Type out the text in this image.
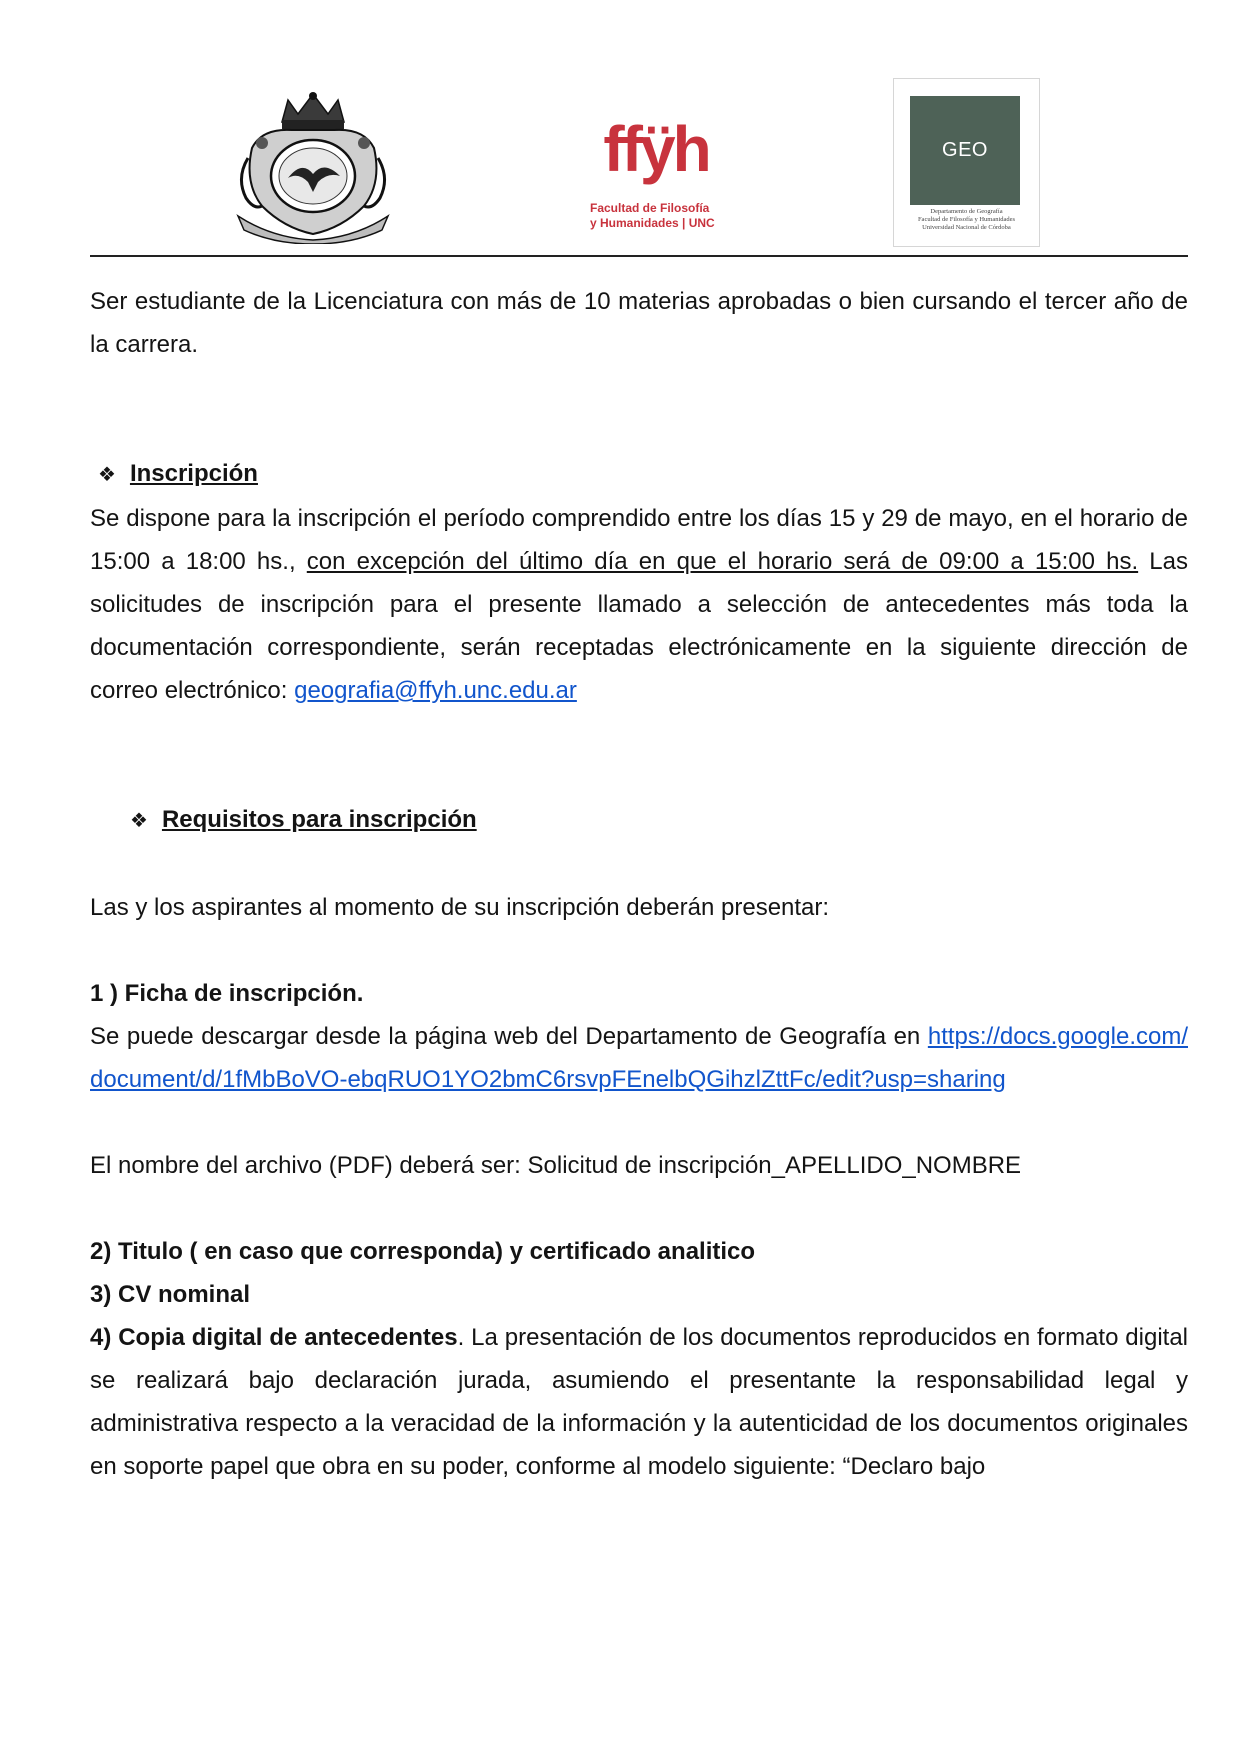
ffÿh
Facultad de Filosofía
y Humanidades | UNC
GEO
Departamento de Geografía
Facultad de Filosofía y Humanidades
Universidad Nacional de Córdoba

Ser estudiante de la Licenciatura con más de 10 materias aprobadas o bien cursando el tercer año de la carrera.

❖ Inscripción

Se dispone para la inscripción el período comprendido entre los días 15 y 29 de mayo, en el horario de 15:00 a 18:00 hs., con excepción del último día en que el horario será de 09:00 a 15:00 hs. Las solicitudes de inscripción para el presente llamado a selección de antecedentes más toda la documentación correspondiente, serán receptadas electrónicamente en la siguiente dirección de correo electrónico: geografia@ffyh.unc.edu.ar

❖ Requisitos para inscripción

Las y los aspirantes al momento de su inscripción deberán presentar:

1 ) Ficha de inscripción.

Se puede descargar desde la página web del Departamento de Geografía en https://docs.google.com/document/d/1fMbBoVO-ebqRUO1YO2bmC6rsvpFEnelbQGihzlZttFc/edit?usp=sharing

El nombre del archivo (PDF) deberá ser: Solicitud de inscripción_APELLIDO_NOMBRE

2) Titulo ( en caso que corresponda) y certificado analitico

3) CV nominal

4) Copia digital de antecedentes. La presentación de los documentos reproducidos en formato digital se realizará bajo declaración jurada, asumiendo el presentante la responsabilidad legal y administrativa respecto a la veracidad de la información y la autenticidad de los documentos originales en soporte papel que obra en su poder, conforme al modelo siguiente: “Declaro bajo
